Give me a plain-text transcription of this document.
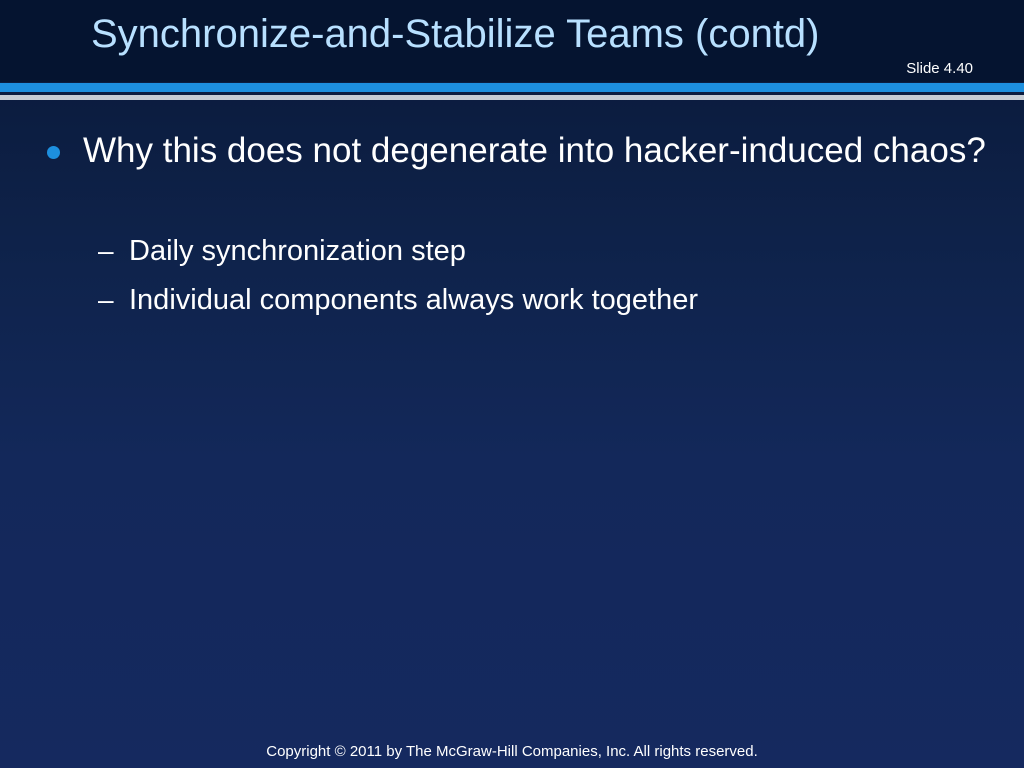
Synchronize-and-Stabilize Teams (contd)
Slide 4.40
Why this does not degenerate into hacker-induced chaos?
– Daily synchronization step
– Individual components always work together
Copyright © 2011 by The McGraw-Hill Companies, Inc. All rights reserved.
